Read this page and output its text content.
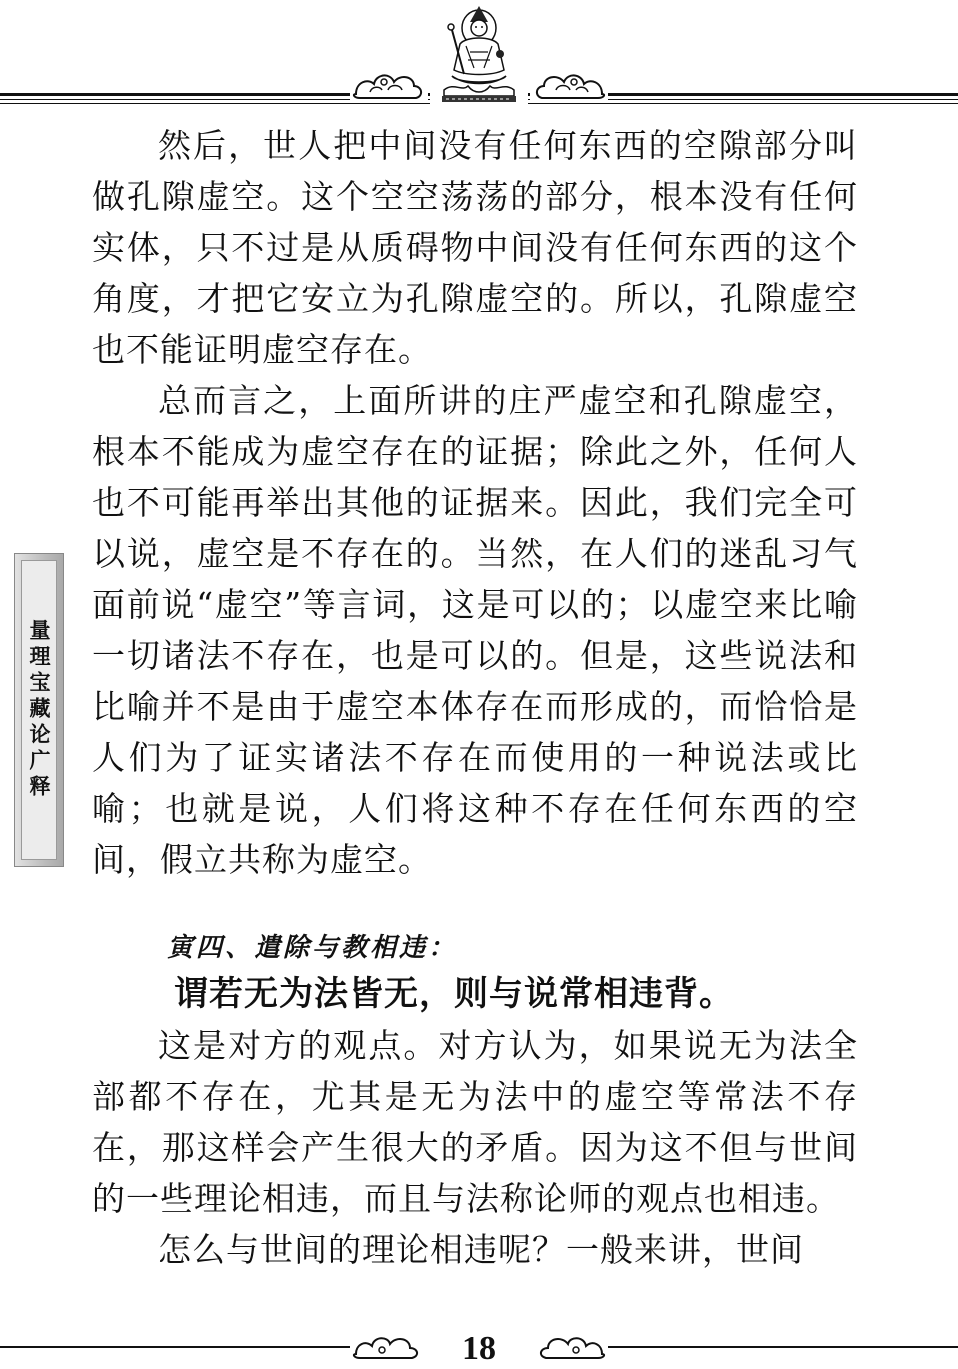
量理宝藏论广释

然后，世人把中间没有任何东西的空隙部分叫做孔隙虚空。这个空空荡荡的部分，根本没有任何实体，只不过是从质碍物中间没有任何东西的这个角度，才把它安立为孔隙虚空的。所以，孔隙虚空也不能证明虚空存在。

总而言之，上面所讲的庄严虚空和孔隙虚空，根本不能成为虚空存在的证据；除此之外，任何人也不可能再举出其他的证据来。因此，我们完全可以说，虚空是不存在的。当然，在人们的迷乱习气面前说“虚空”等言词，这是可以的；以虚空来比喻一切诸法不存在，也是可以的。但是，这些说法和比喻并不是由于虚空本体存在而形成的，而恰恰是人们为了证实诸法不存在而使用的一种说法或比喻；也就是说，人们将这种不存在任何东西的空间，假立共称为虚空。

寅四、遣除与教相违：
谓若无为法皆无，则与说常相违背。

这是对方的观点。对方认为，如果说无为法全部都不存在，尤其是无为法中的虚空等常法不存在，那这样会产生很大的矛盾。因为这不但与世间的一些理论相违，而且与法称论师的观点也相违。

怎么与世间的理论相违呢？一般来讲，世间

18
